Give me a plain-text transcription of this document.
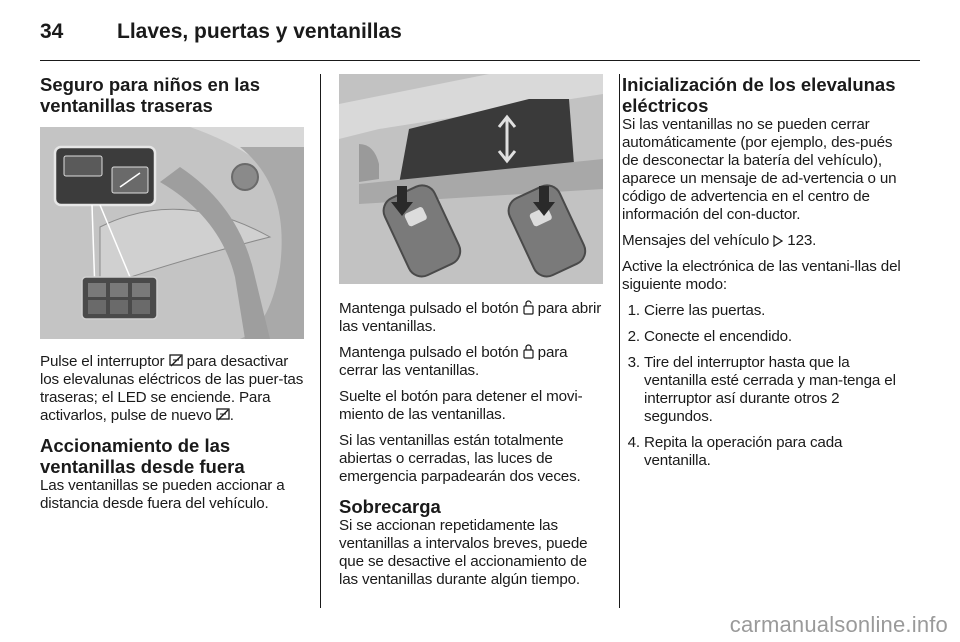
34	Llaves, puertas y ventanillas
Seguro para niños en las
ventanillas traseras

Pulse el interruptor  para desactivar los elevalunas eléctricos de las puer‐tas traseras; el LED se enciende. Para activarlos, pulse de nuevo .

Accionamiento de las
ventanillas desde fuera

Las ventanillas se pueden accionar a distancia desde fuera del vehículo.

Mantenga pulsado el botón  para abrir las ventanillas.

Mantenga pulsado el botón  para cerrar las ventanillas.

Suelte el botón para detener el movi‐miento de las ventanillas.

Si las ventanillas están totalmente abiertas o cerradas, las luces de emergencia parpadearán dos veces.

Sobrecarga

Si se accionan repetidamente las ventanillas a intervalos breves, puede que se desactive el accionamiento de las ventanillas durante algún tiempo.

Inicialización de los elevalunas
eléctricos

Si las ventanillas no se pueden cerrar automáticamente (por ejemplo, des‐pués de desconectar la batería del vehículo), aparece un mensaje de ad‐vertencia o un código de advertencia en el centro de información del con‐ductor.

Mensajes del vehículo 123.

Active la electrónica de las ventani‐llas del siguiente modo:

1. Cierre las puertas.
2. Conecte el encendido.
3. Tire del interruptor hasta que la ventanilla esté cerrada y man‐tenga el interruptor así durante otros 2 segundos.
4. Repita la operación para cada ventanilla.
carmanualsonline.info
